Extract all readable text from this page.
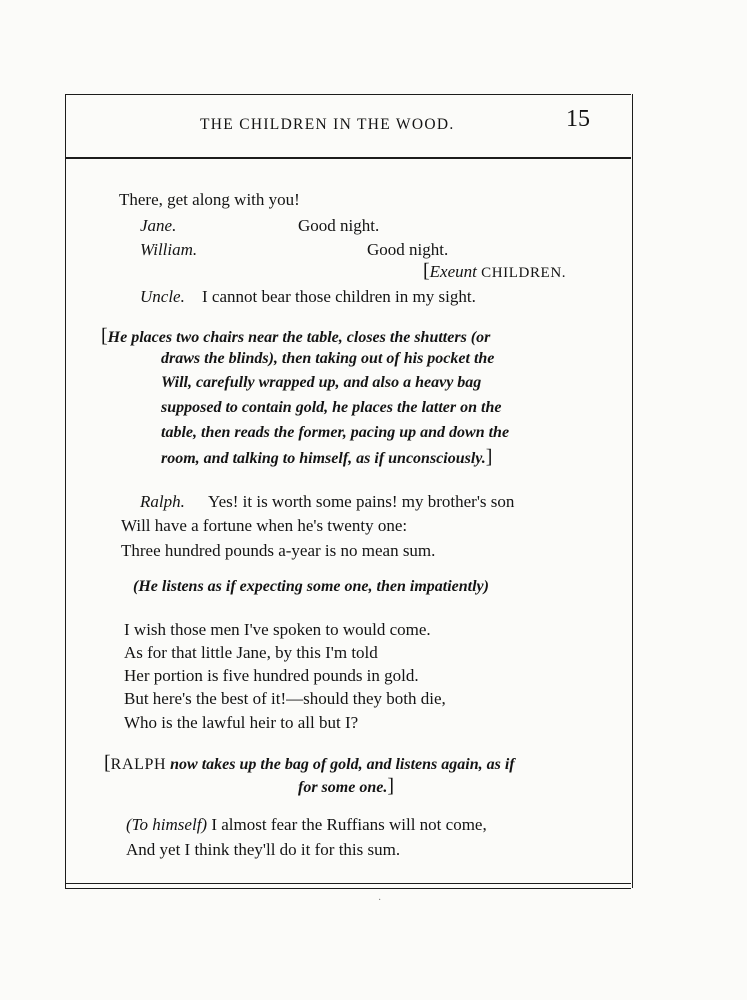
THE CHILDREN IN THE WOOD.	15
There, get along with you!
Jane.	Good night.
William.	Good night.
[Exeunt CHILDREN.
Uncle. I cannot bear those children in my sight.
[He places two chairs near the table, closes the shutters (or
draws the blinds), then taking out of his pocket the
Will, carefully wrapped up, and also a heavy bag
supposed to contain gold, he places the latter on the
table, then reads the former, pacing up and down the
room, and talking to himself, as if unconsciously.]
Ralph. Yes! it is worth some pains! my brother's son
Will have a fortune when he's twenty one:
Three hundred pounds a-year is no mean sum.
(He listens as if expecting some one, then impatiently)
I wish those men I've spoken to would come.
As for that little Jane, by this I'm told
Her portion is five hundred pounds in gold.
But here's the best of it!—should they both die,
Who is the lawful heir to all but I?
[RALPH now takes up the bag of gold, and listens again, as if
for some one.]
(To himself) I almost fear the Ruffians will not come,
And yet I think they'll do it for this sum.
·
